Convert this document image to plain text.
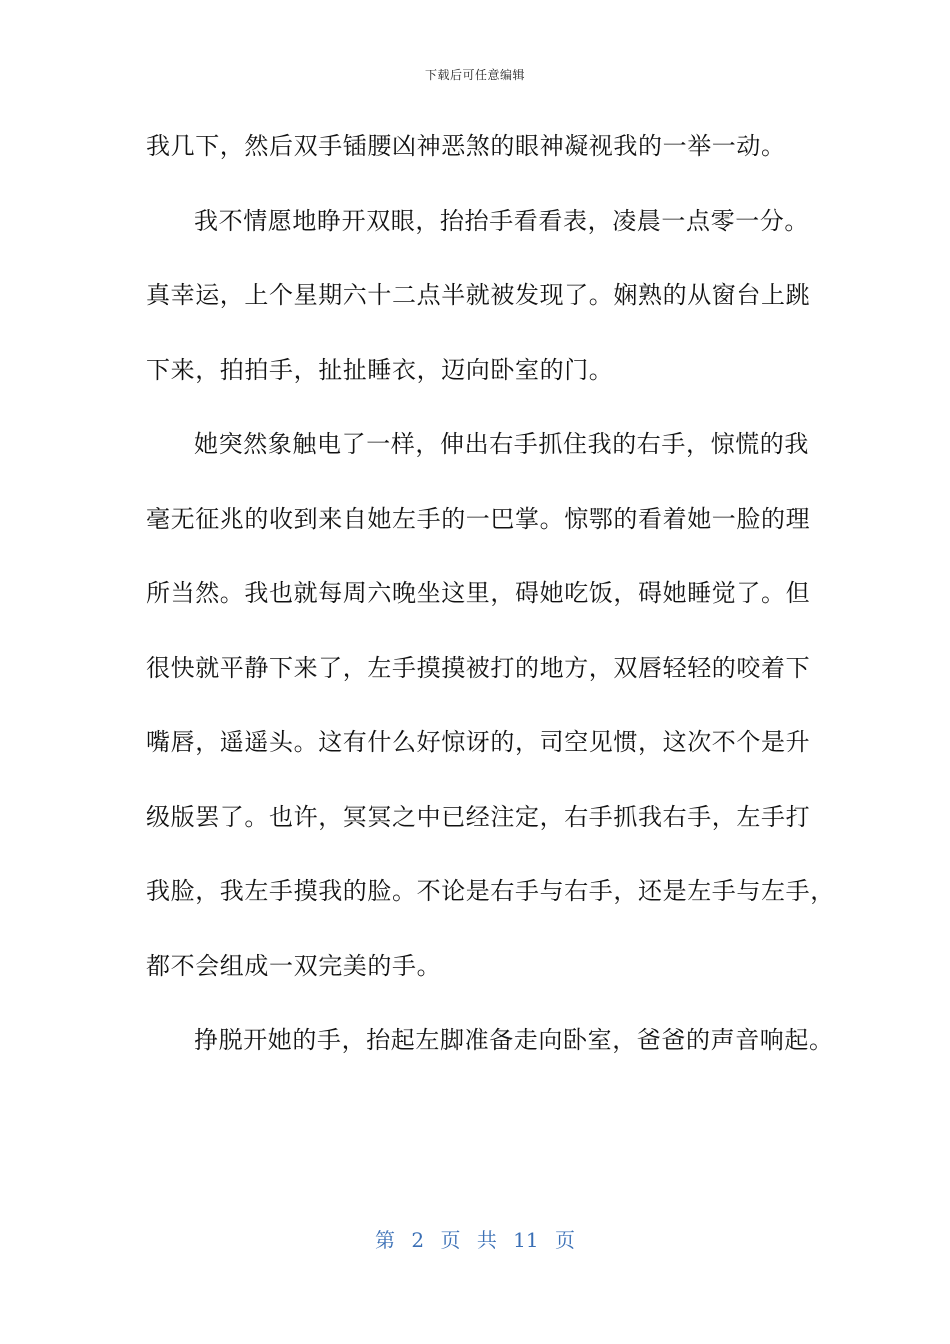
下载后可任意编辑
我几下，然后双手锸腰凶神恶煞的眼神凝视我的一举一动。
我不情愿地睁开双眼，抬抬手看看表，凌晨一点零一分。
真幸运，上个星期六十二点半就被发现了。娴熟的从窗台上跳
下来，拍拍手，扯扯睡衣，迈向卧室的门。
她突然象触电了一样，伸出右手抓住我的右手，惊慌的我
毫无征兆的收到来自她左手的一巴掌。惊鄂的看着她一脸的理
所当然。我也就每周六晚坐这里，碍她吃饭，碍她睡觉了。但
很快就平静下来了，左手摸摸被打的地方，双唇轻轻的咬着下
嘴唇，遥遥头。这有什么好惊讶的，司空见惯，这次不个是升
级版罢了。也许，冥冥之中已经注定，右手抓我右手，左手打
我脸，我左手摸我的脸。不论是右手与右手，还是左手与左手，
都不会组成一双完美的手。
挣脱开她的手，抬起左脚准备走向卧室，爸爸的声音响起。
第 2 页 共 11 页
